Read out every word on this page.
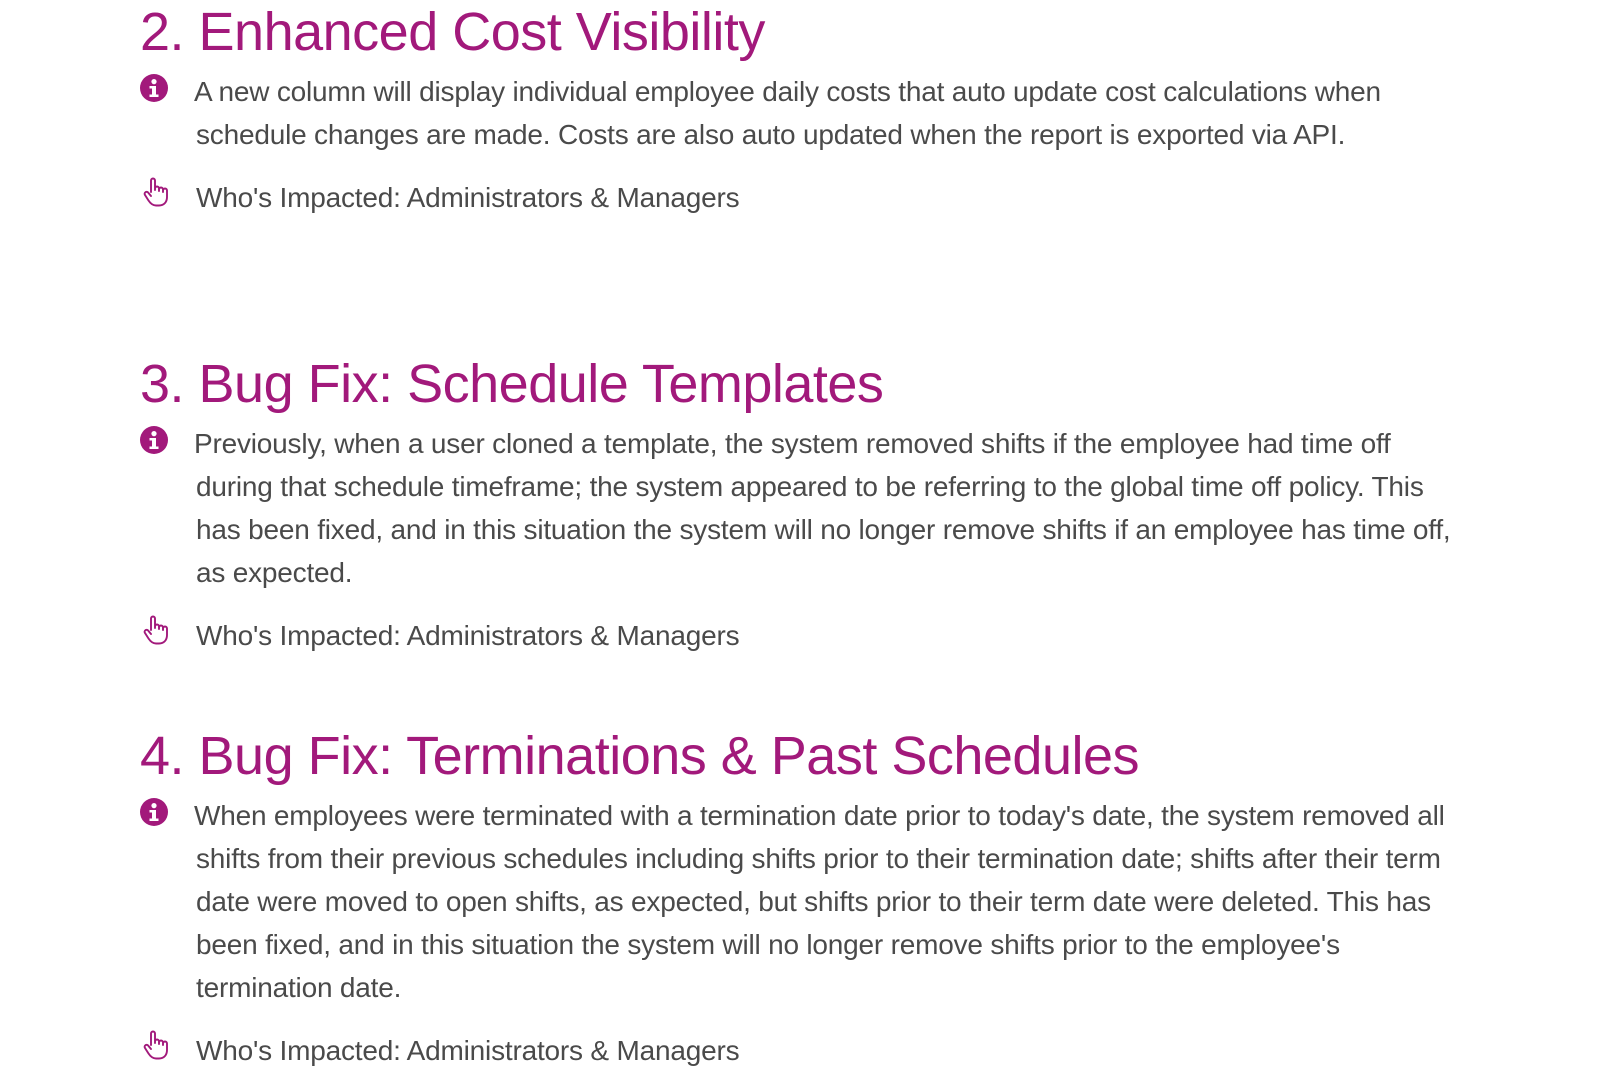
2. Enhanced Cost Visibility
A new column will display individual employee daily costs that auto update cost calculations when schedule changes are made. Costs are also auto updated when the report is exported via API.
Who's Impacted: Administrators & Managers
3. Bug Fix: Schedule Templates
Previously, when a user cloned a template, the system removed shifts if the employee had time off during that schedule timeframe; the system appeared to be referring to the global time off policy. This has been fixed, and in this situation the system will no longer remove shifts if an employee has time off, as expected.
Who's Impacted: Administrators & Managers
4. Bug Fix: Terminations & Past Schedules
When employees were terminated with a termination date prior to today's date, the system removed all shifts from their previous schedules including shifts prior to their termination date; shifts after their term date were moved to open shifts, as expected, but shifts prior to their term date were deleted. This has been fixed, and in this situation the system will no longer remove shifts prior to the employee's termination date.
Who's Impacted: Administrators & Managers
